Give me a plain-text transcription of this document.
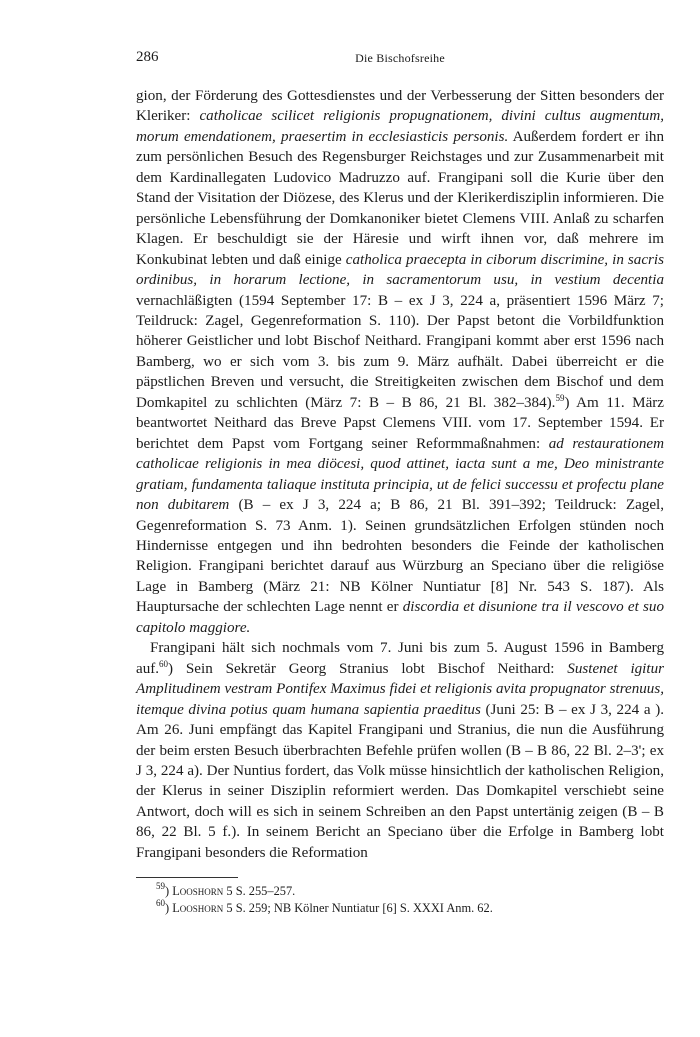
286	Die Bischofsreihe

gion, der Förderung des Gottesdienstes und der Verbesserung der Sitten besonders der Kleriker: catholicae scilicet religionis propugnationem, divini cultus augmentum, morum emendationem, praesertim in ecclesiasticis personis. Außerdem fordert er ihn zum persönlichen Besuch des Regensburger Reichstages und zur Zusammenarbeit mit dem Kardinallegaten Ludovico Madruzzo auf. Frangipani soll die Kurie über den Stand der Visitation der Diözese, des Klerus und der Klerikerdisziplin informieren. Die persönliche Lebensführung der Domkanoniker bietet Clemens VIII. Anlaß zu scharfen Klagen. Er beschuldigt sie der Häresie und wirft ihnen vor, daß mehrere im Konkubinat lebten und daß einige catholica praecepta in ciborum discrimine, in sacris ordinibus, in horarum lectione, in sacramentorum usu, in vestium decentia vernachläßigten (1594 September 17: B – ex J 3, 224 a, präsentiert 1596 März 7; Teildruck: Zagel, Gegenreformation S. 110). Der Papst betont die Vorbildfunktion höherer Geistlicher und lobt Bischof Neithard. Frangipani kommt aber erst 1596 nach Bamberg, wo er sich vom 3. bis zum 9. März aufhält. Dabei überreicht er die päpstlichen Breven und versucht, die Streitigkeiten zwischen dem Bischof und dem Domkapitel zu schlichten (März 7: B – B 86, 21 Bl. 382–384).$^{59}$) Am 11. März beantwortet Neithard das Breve Papst Clemens VIII. vom 17. September 1594. Er berichtet dem Papst vom Fortgang seiner Reformmaßnahmen: ad restaurationem catholicae religionis in mea diöcesi, quod attinet, iacta sunt a me, Deo ministrante gratiam, fundamenta taliaque instituta principia, ut de felici successu et profectu plane non dubitarem (B – ex J 3, 224 a; B 86, 21 Bl. 391–392; Teildruck: Zagel, Gegenreformation S. 73 Anm. 1). Seinen grundsätzlichen Erfolgen stünden noch Hindernisse entgegen und ihn bedrohten besonders die Feinde der katholischen Religion. Frangipani berichtet darauf aus Würzburg an Speciano über die religiöse Lage in Bamberg (März 21: NB Kölner Nuntiatur [8] Nr. 543 S. 187). Als Hauptursache der schlechten Lage nennt er discordia et disunione tra il vescovo et suo capitolo maggiore.

Frangipani hält sich nochmals vom 7. Juni bis zum 5. August 1596 in Bamberg auf.$^{60}$) Sein Sekretär Georg Stranius lobt Bischof Neithard: Sustenet igitur Amplitudinem vestram Pontifex Maximus fidei et religionis avita propugnator strenuus, itemque divina potius quam humana sapientia praeditus (Juni 25: B – ex J 3, 224 a ). Am 26. Juni empfängt das Kapitel Frangipani und Stranius, die nun die Ausführung der beim ersten Besuch überbrachten Befehle prüfen wollen (B – B 86, 22 Bl. 2–3'; ex J 3, 224 a). Der Nuntius fordert, das Volk müsse hinsichtlich der katholischen Religion, der Klerus in seiner Disziplin reformiert werden. Das Domkapitel verschiebt seine Antwort, doch will es sich in seinem Schreiben an den Papst untertänig zeigen (B – B 86, 22 Bl. 5 f.). In seinem Bericht an Speciano über die Erfolge in Bamberg lobt Frangipani besonders die Reformation

$^{59}$) Looshorn 5 S. 255–257.

$^{60}$) Looshorn 5 S. 259; NB Kölner Nuntiatur [6] S. XXXI Anm. 62.
